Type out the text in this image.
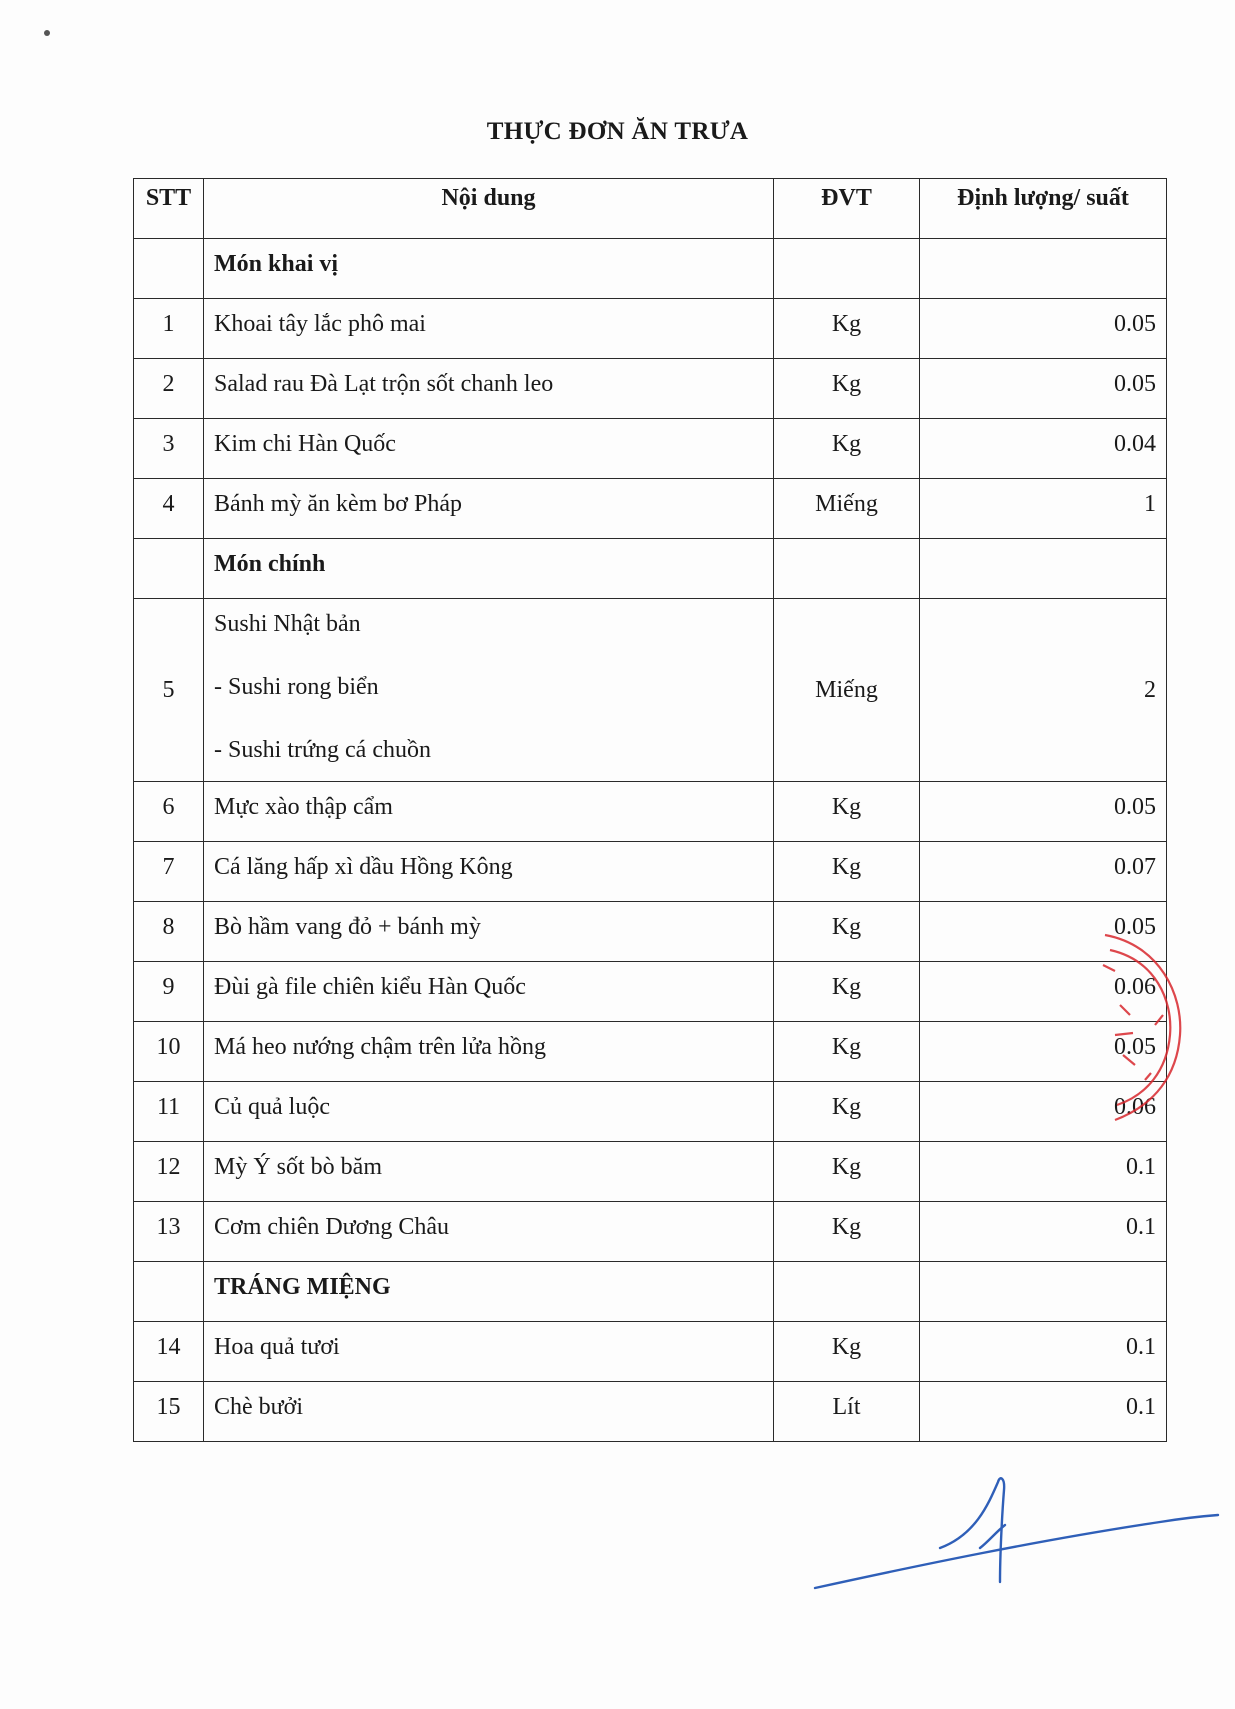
THỰC ĐƠN ĂN TRƯA
STT	Nội dung	ĐVT	Định lượng/ suất
	Món khai vị		
1	Khoai tây lắc phô mai	Kg	0.05
2	Salad rau Đà Lạt trộn sốt chanh leo	Kg	0.05
3	Kim chi Hàn Quốc	Kg	0.04
4	Bánh mỳ ăn kèm bơ Pháp	Miếng	1
	Món chính		
5	Sushi Nhật bản
- Sushi rong biển
- Sushi trứng cá chuồn	Miếng	2
6	Mực xào thập cẩm	Kg	0.05
7	Cá lăng hấp xì dầu Hồng Kông	Kg	0.07
8	Bò hầm vang đỏ + bánh mỳ	Kg	0.05
9	Đùi gà file chiên kiểu Hàn Quốc	Kg	0.06
10	Má heo nướng chậm trên lửa hồng	Kg	0.05
11	Củ quả luộc	Kg	0.06
12	Mỳ Ý sốt bò băm	Kg	0.1
13	Cơm chiên Dương Châu	Kg	0.1
	TRÁNG MIỆNG		
14	Hoa quả tươi	Kg	0.1
15	Chè bưởi	Lít	0.1
